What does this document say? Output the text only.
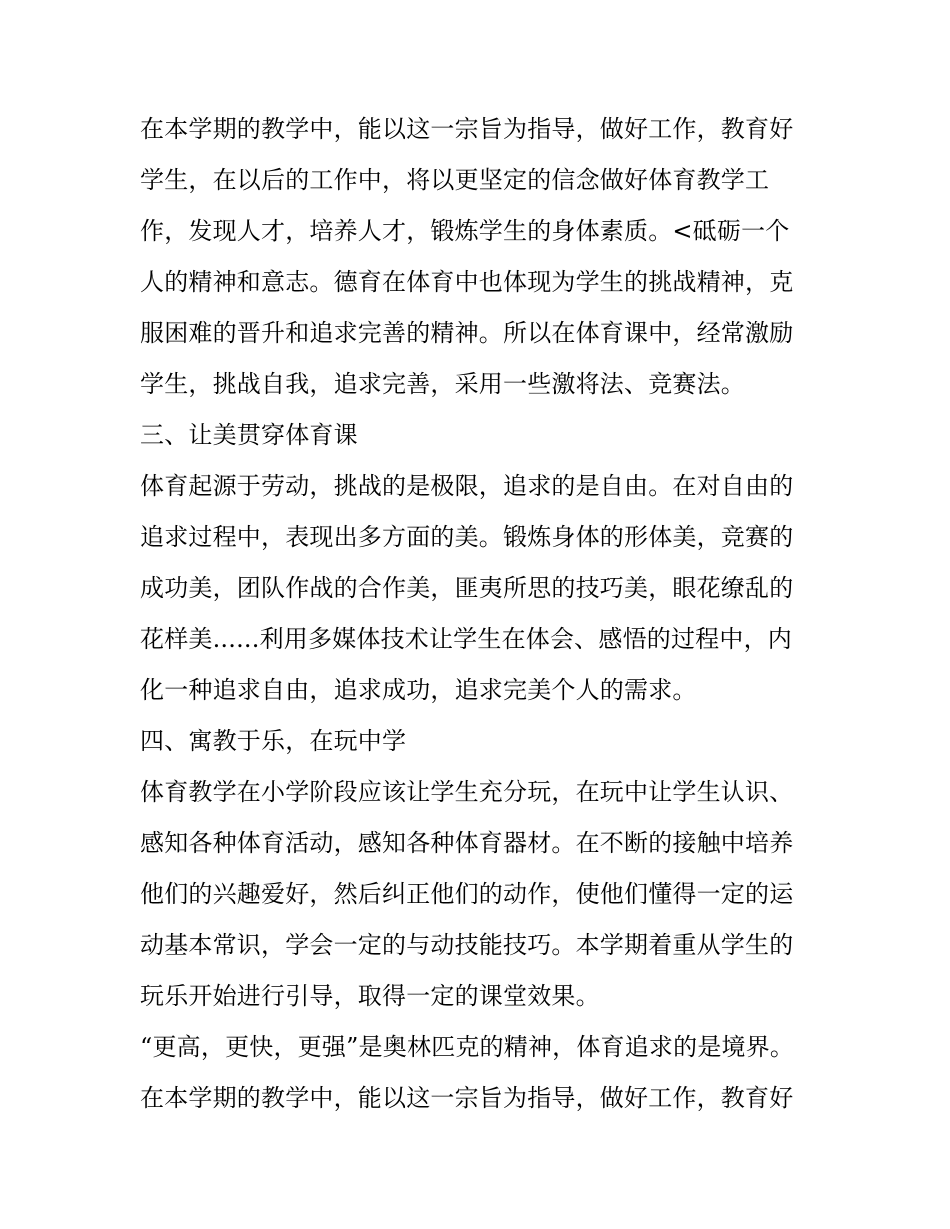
在本学期的教学中，能以这一宗旨为指导，做好工作，教育好
学生，在以后的工作中，将以更坚定的信念做好体育教学工
作，发现人才，培养人才，锻炼学生的身体素质。<砥砺一个
人的精神和意志。德育在体育中也体现为学生的挑战精神，克
服困难的晋升和追求完善的精神。所以在体育课中，经常激励
学生，挑战自我，追求完善，采用一些激将法、竞赛法。
三、让美贯穿体育课
体育起源于劳动，挑战的是极限，追求的是自由。在对自由的
追求过程中，表现出多方面的美。锻炼身体的形体美，竞赛的
成功美，团队作战的合作美，匪夷所思的技巧美，眼花缭乱的
花样美......利用多媒体技术让学生在体会、感悟的过程中，内
化一种追求自由，追求成功，追求完美个人的需求。
四、寓教于乐，在玩中学
体育教学在小学阶段应该让学生充分玩，在玩中让学生认识、
感知各种体育活动，感知各种体育器材。在不断的接触中培养
他们的兴趣爱好，然后纠正他们的动作，使他们懂得一定的运
动基本常识，学会一定的与动技能技巧。本学期着重从学生的
玩乐开始进行引导，取得一定的课堂效果。
“更高，更快，更强”是奥林匹克的精神，体育追求的是境界。
在本学期的教学中，能以这一宗旨为指导，做好工作，教育好
